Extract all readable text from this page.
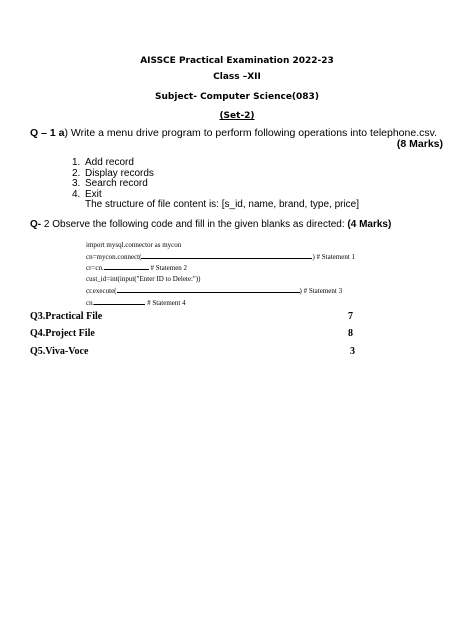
AISSCE Practical Examination 2022-23
Class –XII
Subject- Computer Science(083)
(Set-2)
Q – 1 a) Write a menu drive program to perform following operations into telephone.csv.
(8 Marks)
1. Add record
2. Display records
3. Search record
4. Exit
The structure of file content is: [s_id, name, brand, type, price]
Q- 2 Observe the following code and fill in the given blanks as directed: (4 Marks)
import mysql.connector as mycon
cn=mycon.connect(	) # Statement 1
cr=cn.	# Statemen 2
cust_id=int(input("Enter ID to Delete:"))
cr.execute(	) # Statement 3
cn.	# Statement 4
Q3.Practical File	7
Q4.Project File	8
Q5.Viva-Voce	3
